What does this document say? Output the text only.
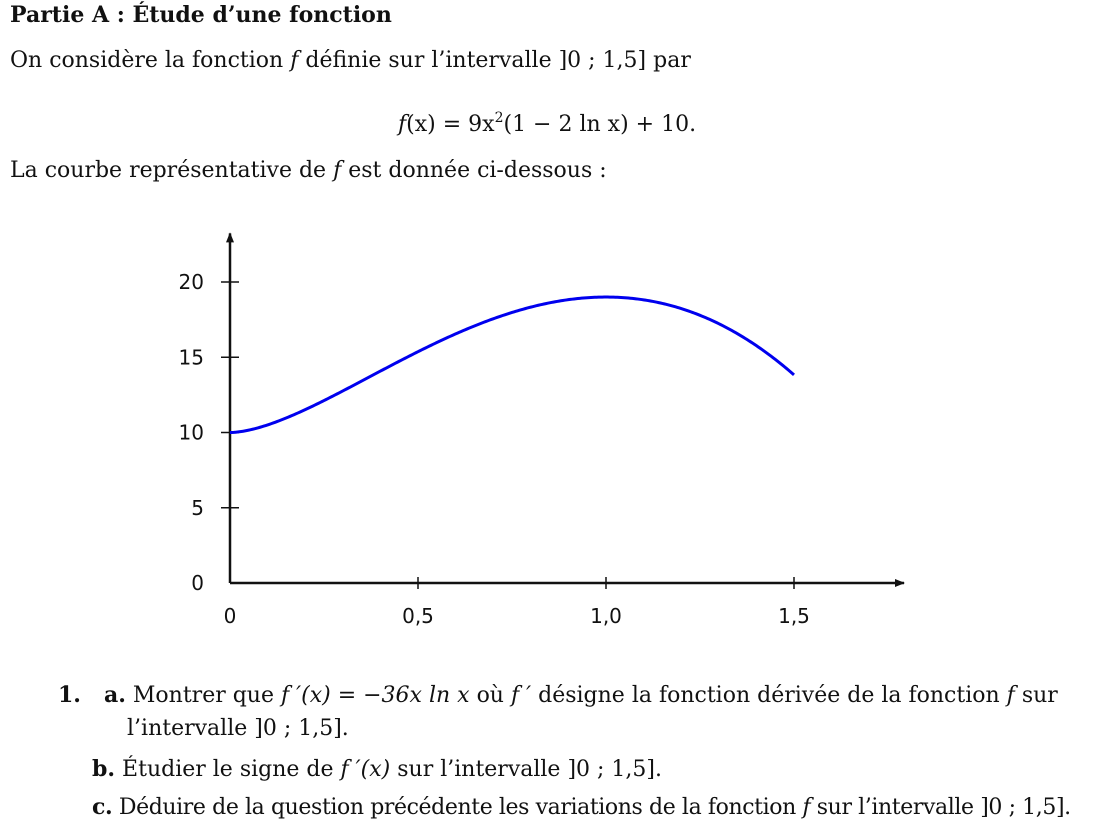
Partie A : Étude d’une fonction
On considère la fonction f définie sur l’intervalle ]0 ; 1,5] par
$f(x) = 9x^2(1 - 2$ ln x) + 10.
La courbe représentative de f est donnée ci-dessous :
0	0,5	1,0	1,5
0
5
10
15
20
1. a. Montrer que f ′(x) = −36x ln x où f ′ désigne la fonction dérivée de la fonction f sur
l’intervalle ]0 ; 1,5].
b. Étudier le signe de f ′(x) sur l’intervalle ]0 ; 1,5].
c. Déduire de la question précédente les variations de la fonction f sur l’intervalle ]0 ; 1,5].
